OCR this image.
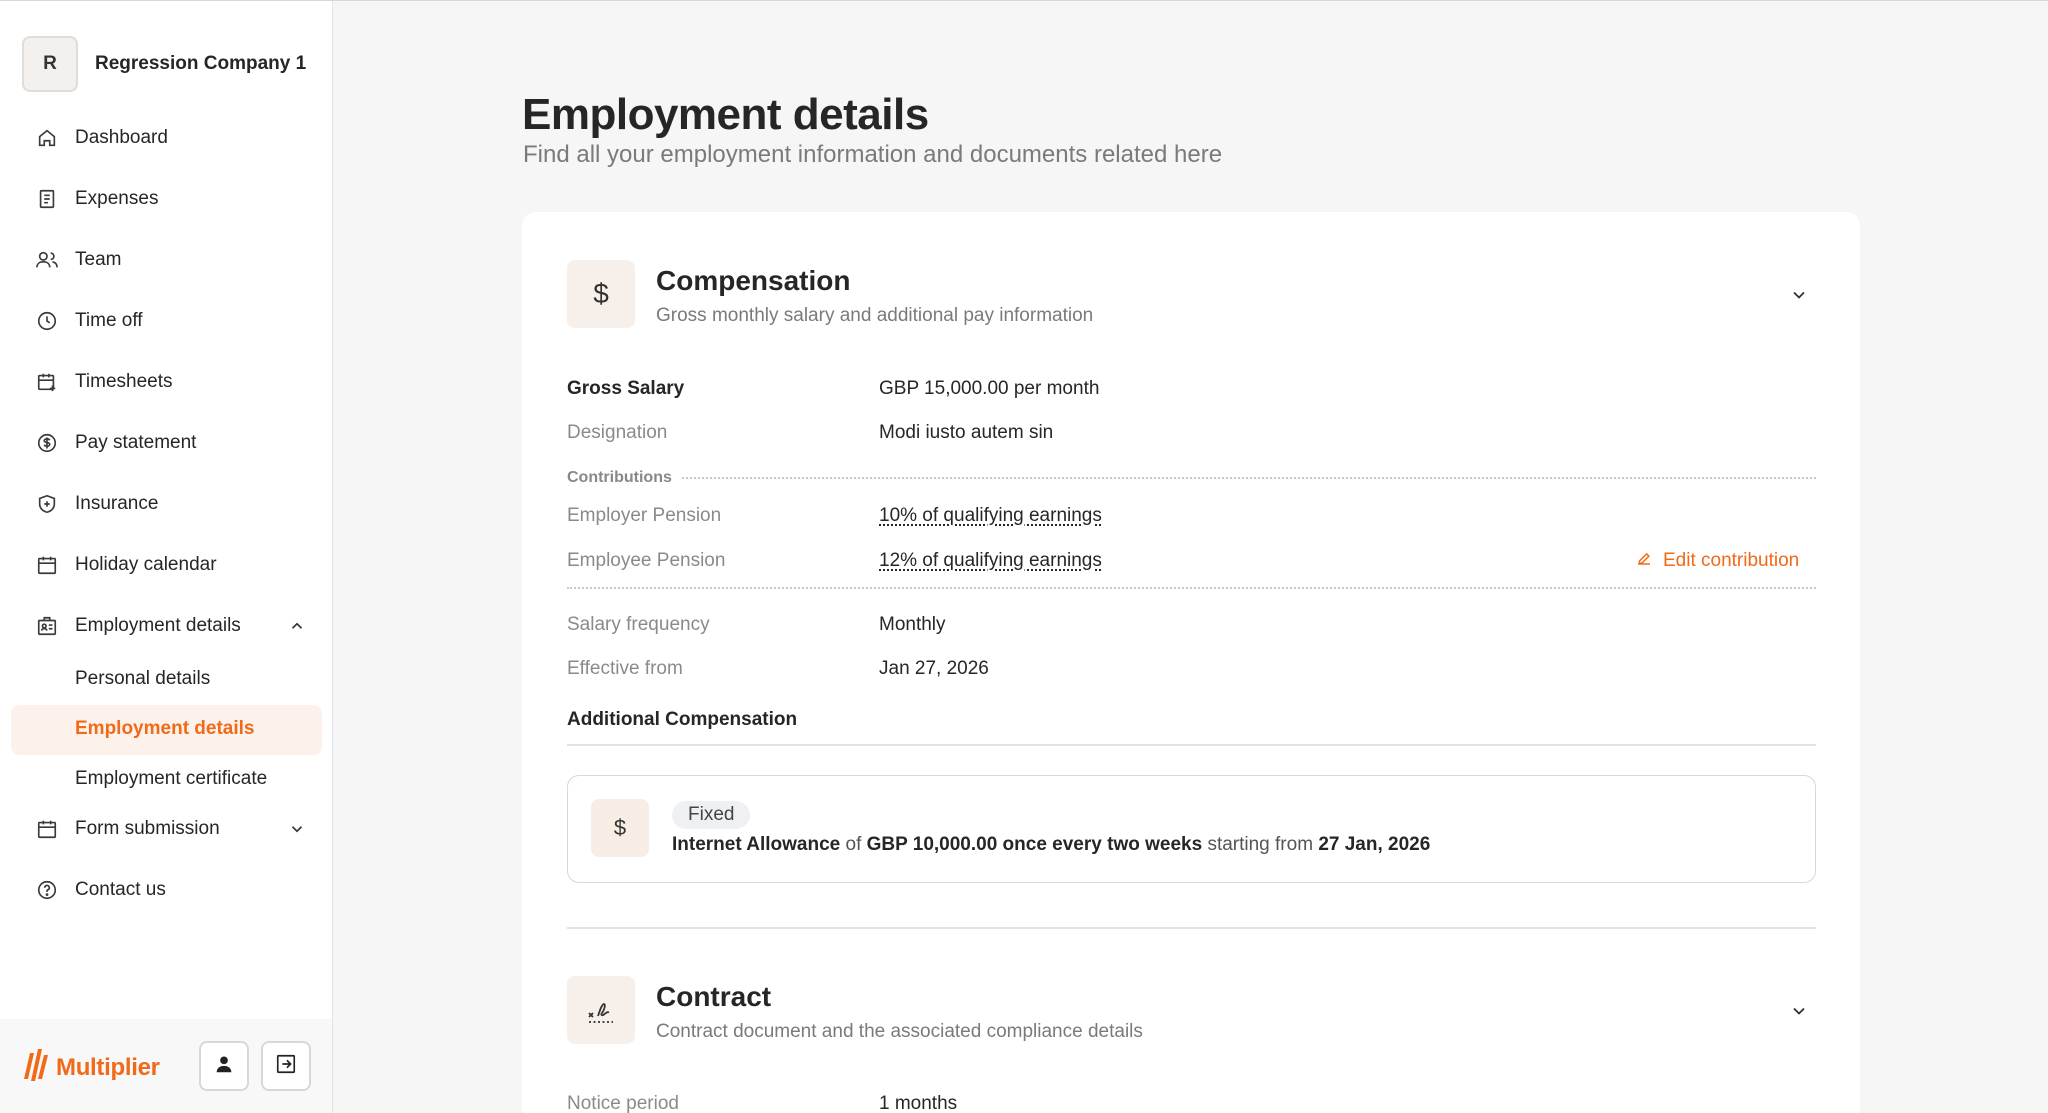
R	Regression Company 1
Dashboard
Expenses
Team
Time off
Timesheets
Pay statement
Insurance
Holiday calendar
Employment details
Personal details
Employment details
Employment certificate
Form submission
Contact us
Multiplier
Employment details

Find all your employment information and documents related here

$	Compensation
Gross monthly salary and additional pay information
Gross Salary	GBP 15,000.00 per month
Designation	Modi iusto autem sin
Contributions
Employer Pension	10% of qualifying earnings
Employee Pension	12% of qualifying earnings	Edit contribution
Salary frequency	Monthly
Effective from	Jan 27, 2026
Additional Compensation
$
Fixed
Internet Allowance of GBP 10,000.00 once every two weeks starting from 27 Jan, 2026
Contract
Contract document and the associated compliance details
Notice period	1 months
